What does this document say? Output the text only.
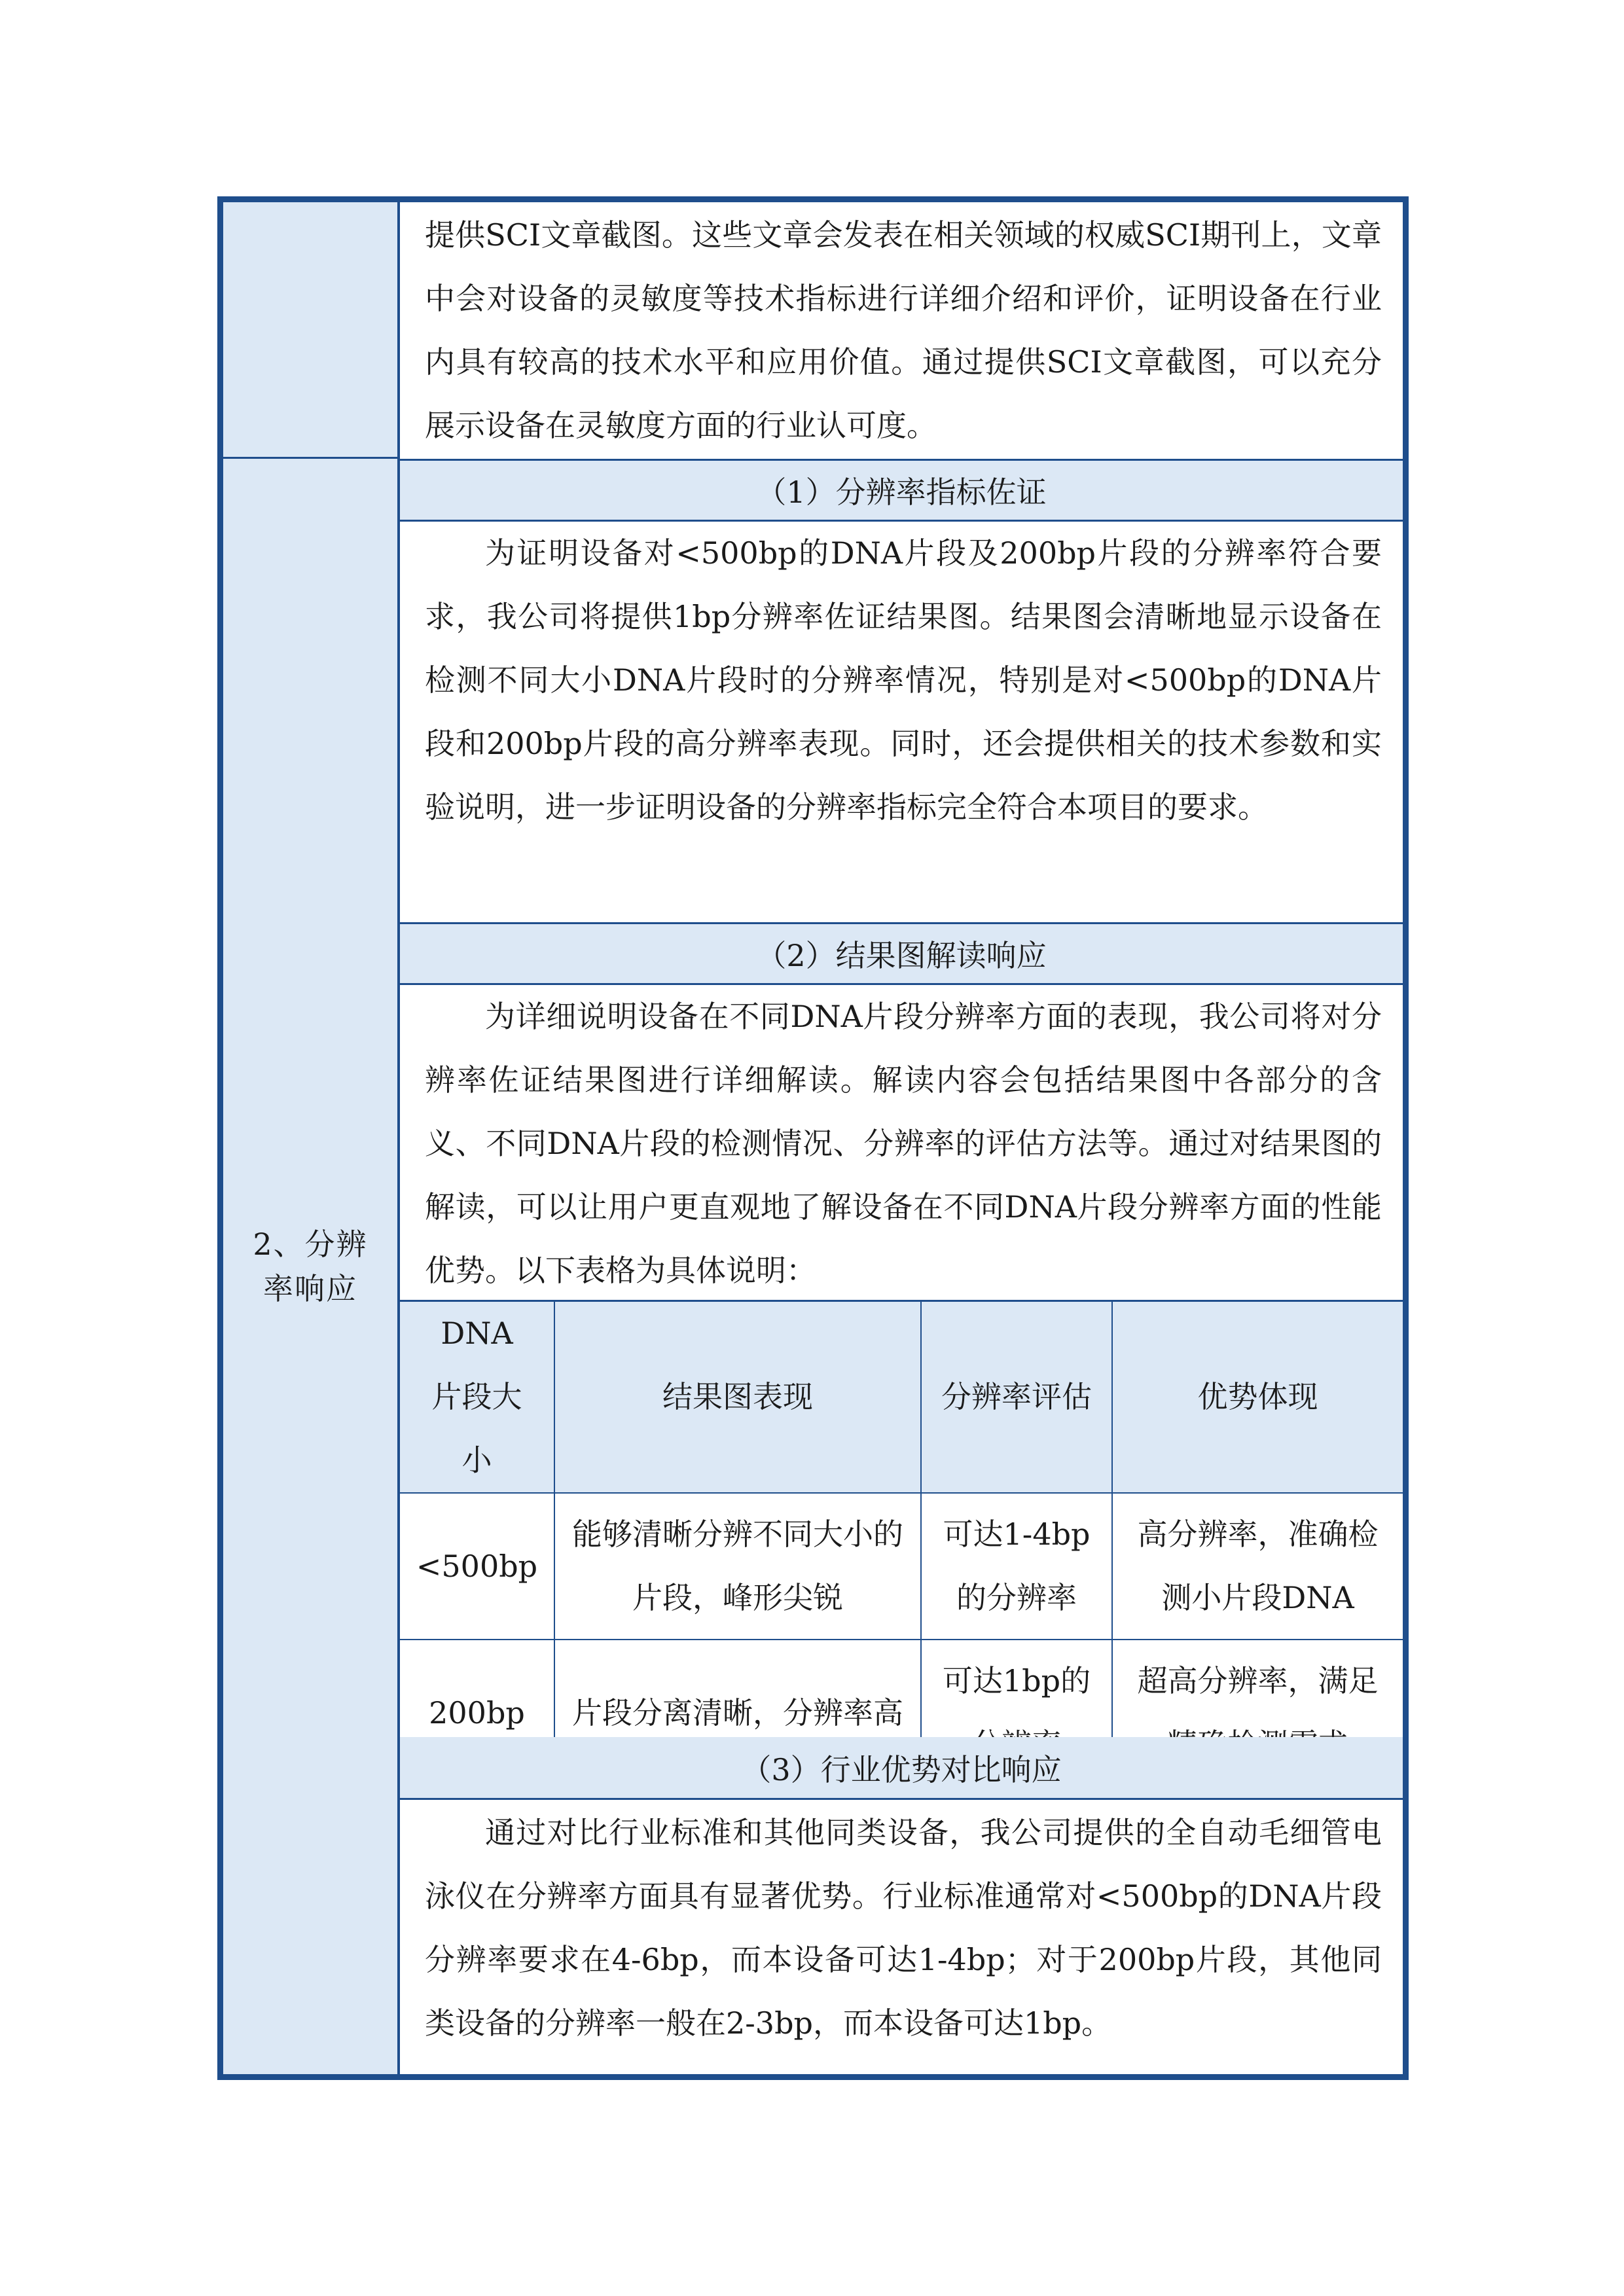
2、分辨率响应
提供SCI文章截图。这些文章会发表在相关领域的权威SCI期刊上，文章中会对设备的灵敏度等技术指标进行详细介绍和评价，证明设备在行业内具有较高的技术水平和应用价值。通过提供SCI文章截图，可以充分展示设备在灵敏度方面的行业认可度。
（1）分辨率指标佐证
为证明设备对<500bp的DNA片段及200bp片段的分辨率符合要求，我公司将提供1bp分辨率佐证结果图。结果图会清晰地显示设备在检测不同大小DNA片段时的分辨率情况，特别是对<500bp的DNA片段和200bp片段的高分辨率表现。同时，还会提供相关的技术参数和实验说明，进一步证明设备的分辨率指标完全符合本项目的要求。
（2）结果图解读响应
为详细说明设备在不同DNA片段分辨率方面的表现，我公司将对分辨率佐证结果图进行详细解读。解读内容会包括结果图中各部分的含义、不同DNA片段的检测情况、分辨率的评估方法等。通过对结果图的解读，可以让用户更直观地了解设备在不同DNA片段分辨率方面的性能优势。以下表格为具体说明：
DNA片段大小	结果图表现	分辨率评估	优势体现
<500bp	能够清晰分辨不同大小的片段，峰形尖锐	可达1-4bp的分辨率	高分辨率，准确检测小片段DNA
200bp	片段分离清晰，分辨率高	可达1bp的	超高分辨率，满足
（3）行业优势对比响应
通过对比行业标准和其他同类设备，我公司提供的全自动毛细管电泳仪在分辨率方面具有显著优势。行业标准通常对<500bp的DNA片段分辨率要求在4-6bp，而本设备可达1-4bp；对于200bp片段，其他同类设备的分辨率一般在2-3bp，而本设备可达1bp。
